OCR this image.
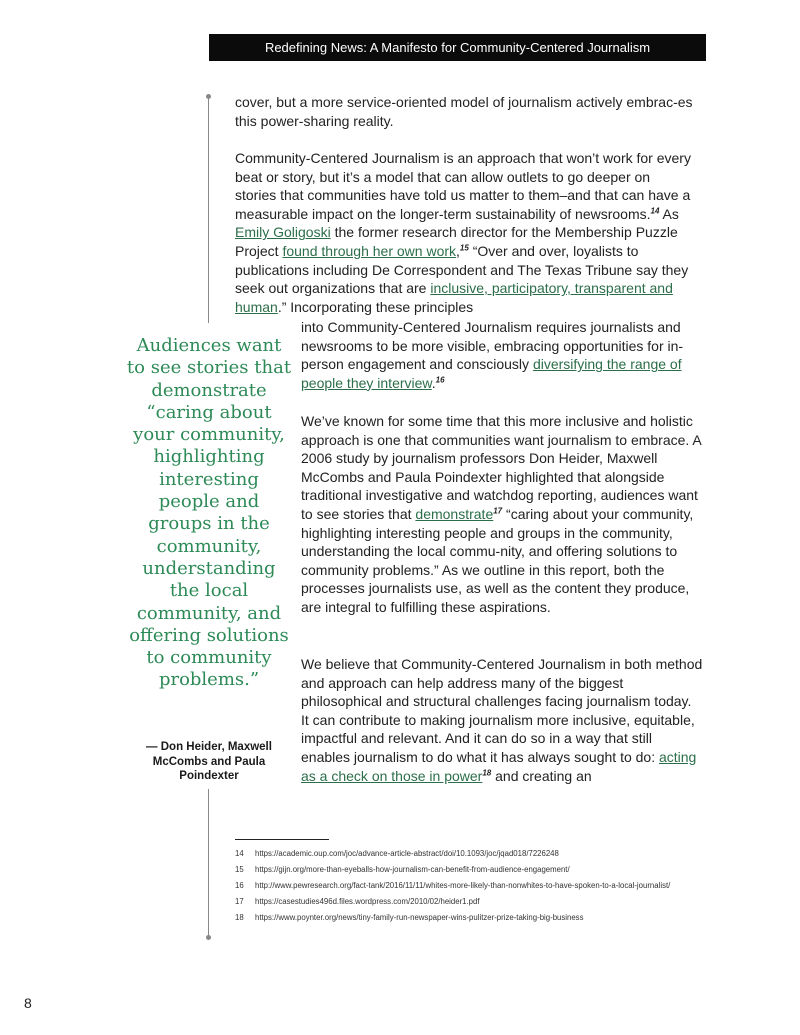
Redefining News: A Manifesto for Community-Centered Journalism

cover, but a more service-oriented model of journalism actively embrac-es this power-sharing reality.

Community-Centered Journalism is an approach that won’t work for every beat or story, but it’s a model that can allow outlets to go deeper on stories that communities have told us matter to them–and that can have a measurable impact on the longer-term sustainability of newsrooms.$^{14}$ As Emily Goligoski the former research director for the Membership Puzzle Project found through her own work,$^{15}$ “Over and over, loyalists to publications including De Correspondent and The Texas Tribune say they seek out organizations that are inclusive, participatory, transparent and human.” Incorporating these principles

into Community-Centered Journalism requires journalists and newsrooms to be more visible, embracing opportunities for in-person engagement and consciously diversifying the range of people they interview.$^{16}$

We’ve known for some time that this more inclusive and holistic approach is one that communities want journalism to embrace. A 2006 study by journalism professors Don Heider, Maxwell McCombs and Paula Poindexter highlighted that alongside traditional investigative and watchdog reporting, audiences want to see stories that demonstrate$^{17}$ “caring about your community, highlighting interesting people and groups in the community, understanding the local commu-nity, and offering solutions to community problems.” As we outline in this report, both the processes journalists use, as well as the content they produce, are integral to fulfilling these aspirations.

We believe that Community-Centered Journalism in both method and approach can help address many of the biggest philosophical and structural challenges facing journalism today. It can contribute to making journalism more inclusive, equitable, impactful and relevant. And it can do so in a way that still enables journalism to do what it has always sought to do: acting as a check on those in power$^{18}$ and creating an

Audiences want to see stories that demonstrate “caring about your community, highlighting interesting people and groups in the community, understanding the local community, and offering solutions to community problems.”

— Don Heider, Maxwell McCombs and Paula Poindexter

14 https://academic.oup.com/joc/advance-article-abstract/doi/10.1093/joc/jqad018/7226248
15 https://gijn.org/more-than-eyeballs-how-journalism-can-benefit-from-audience-engagement/
16 http://www.pewresearch.org/fact-tank/2016/11/11/whites-more-likely-than-nonwhites-to-have-spoken-to-a-local-journalist/
17 https://casestudies496d.files.wordpress.com/2010/02/heider1.pdf
18 https://www.poynter.org/news/tiny-family-run-newspaper-wins-pulitzer-prize-taking-big-business
8
